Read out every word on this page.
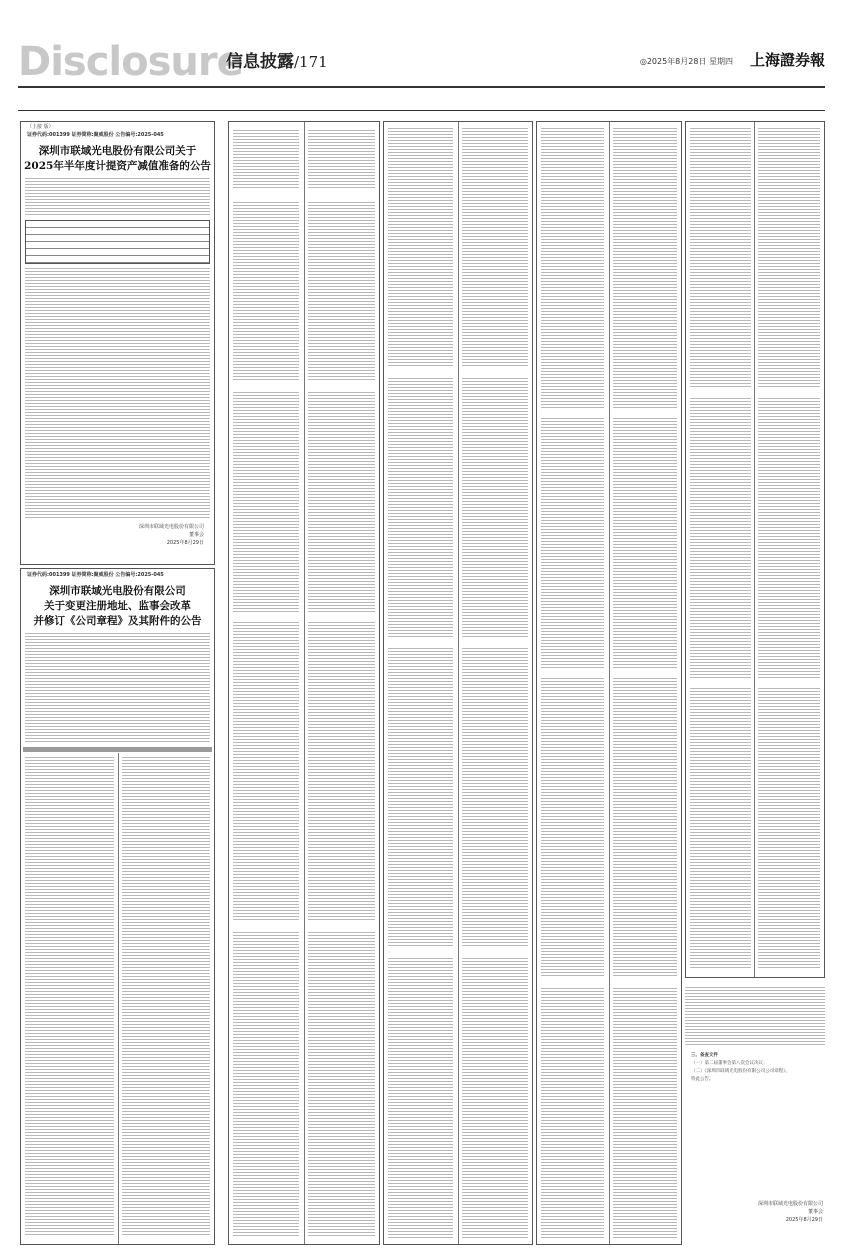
Disclosure
信息披露/171	◎2025年8月28日 星期四 上海證券報
（上接 版）
证券代码:001399 证券简称:聚威股份 公告编号:2025-045
深圳市联域光电股份有限公司关于
2025年半年度计提资产减值准备的公告
深圳市联域光电股份有限公司
董事会
2025年8月29日
证券代码:001399 证券简称:聚威股份 公告编号:2025-045
深圳市联域光电股份有限公司
关于变更注册地址、监事会改革
并修订《公司章程》及其附件的公告
三、备查文件
（一）第二届董事会第八次会议决议；
（二）《深圳市联域光电股份有限公司公司章程》。
特此公告。
深圳市联域光电股份有限公司
董事会
2025年8月29日
